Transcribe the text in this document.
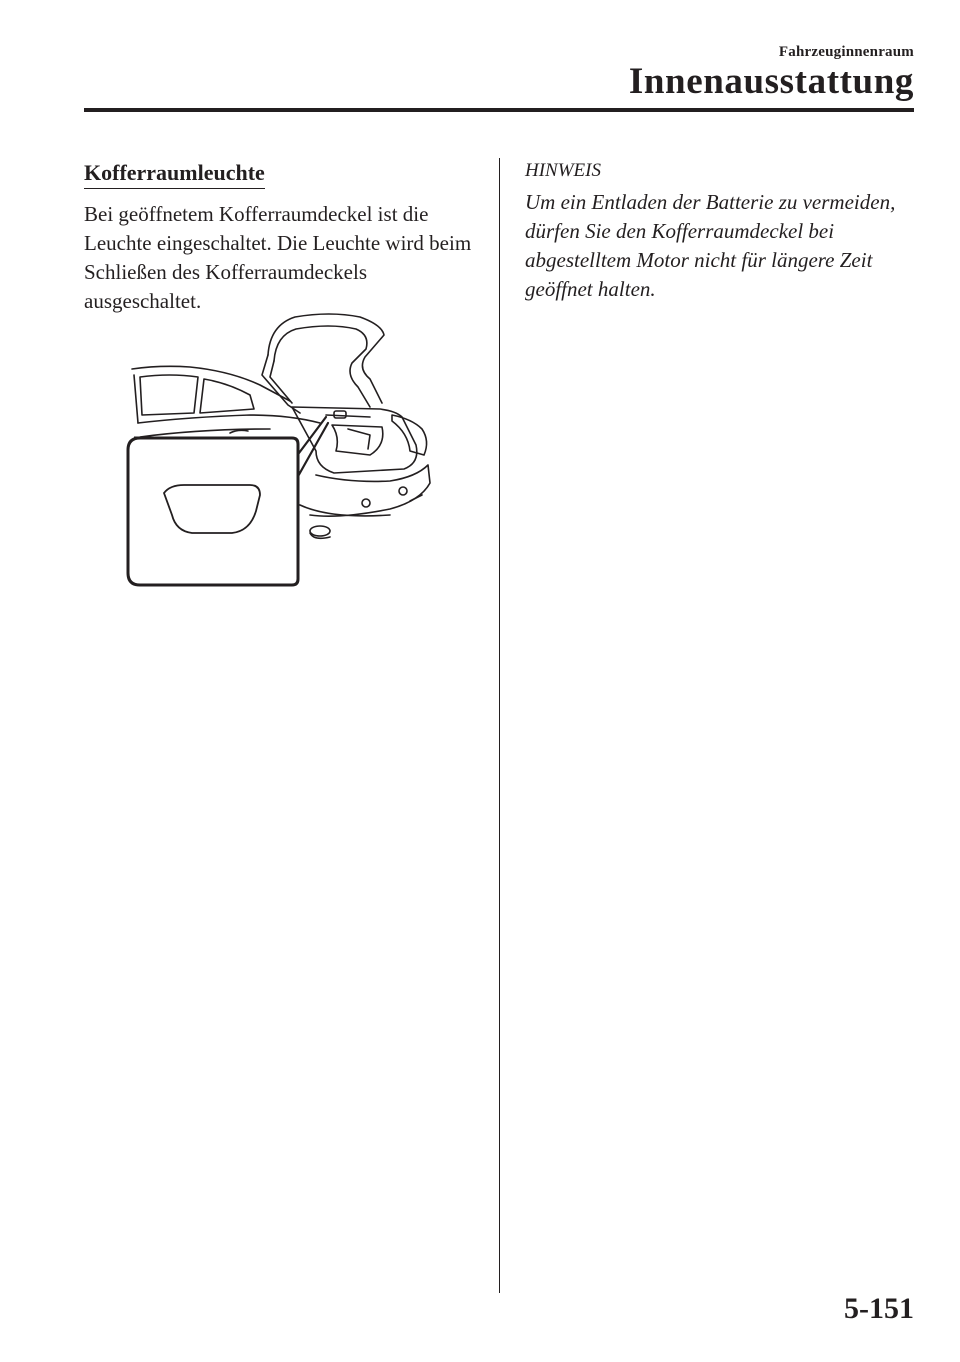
Fahrzeuginnenraum
Innenausstattung
Kofferraumleuchte

Bei geöffnetem Kofferraumdeckel ist die Leuchte eingeschaltet. Die Leuchte wird beim Schließen des Kofferraumdeckels ausgeschaltet.

HINWEIS

Um ein Entladen der Batterie zu vermeiden, dürfen Sie den Kofferraumdeckel bei abgestelltem Motor nicht für längere Zeit geöffnet halten.

5-151
